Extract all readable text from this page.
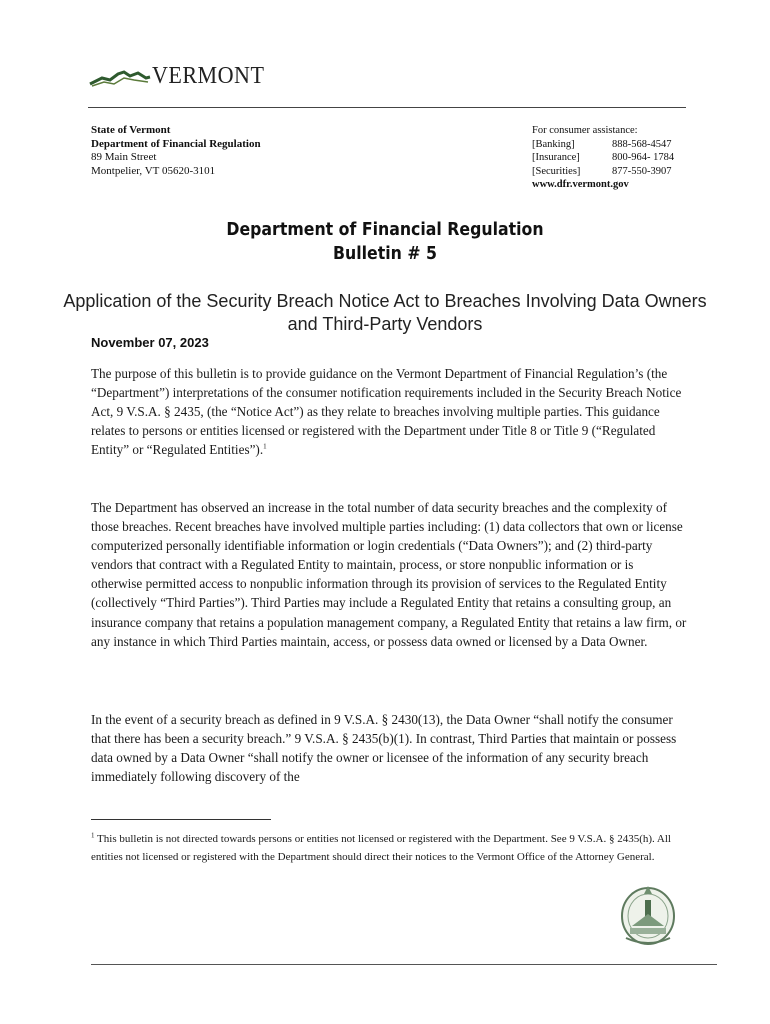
VERMONT
State of Vermont
Department of Financial Regulation
89 Main Street
Montpelier, VT 05620-3101
For consumer assistance:
[Banking]	888-568-4547
[Insurance]	800-964- 1784
[Securities]	877-550-3907
www.dfr.vermont.gov
Department of Financial Regulation
Bulletin # 5
Application of the Security Breach Notice Act to Breaches Involving Data Owners and Third-Party Vendors
November 07, 2023
The purpose of this bulletin is to provide guidance on the Vermont Department of Financial Regulation’s (the “Department”) interpretations of the consumer notification requirements included in the Security Breach Notice Act, 9 V.S.A. § 2435, (the “Notice Act”) as they relate to breaches involving multiple parties. This guidance relates to persons or entities licensed or registered with the Department under Title 8 or Title 9 (“Regulated Entity” or “Regulated Entities”).$^1$
The Department has observed an increase in the total number of data security breaches and the complexity of those breaches. Recent breaches have involved multiple parties including: (1) data collectors that own or license computerized personally identifiable information or login credentials (“Data Owners”); and (2) third-party vendors that contract with a Regulated Entity to maintain, process, or store nonpublic information or is otherwise permitted access to nonpublic information through its provision of services to the Regulated Entity (collectively “Third Parties”). Third Parties may include a Regulated Entity that retains a consulting group, an insurance company that retains a population management company, a Regulated Entity that retains a law firm, or any instance in which Third Parties maintain, access, or possess data owned or licensed by a Data Owner.
In the event of a security breach as defined in 9 V.S.A. § 2430(13), the Data Owner “shall notify the consumer that there has been a security breach.” 9 V.S.A. § 2435(b)(1). In contrast, Third Parties that maintain or possess data owned by a Data Owner “shall notify the owner or licensee of the information of any security breach immediately following discovery of the
$^1$ This bulletin is not directed towards persons or entities not licensed or registered with the Department. See 9 V.S.A. § 2435(h). All entities not licensed or registered with the Department should direct their notices to the Vermont Office of the Attorney General.
